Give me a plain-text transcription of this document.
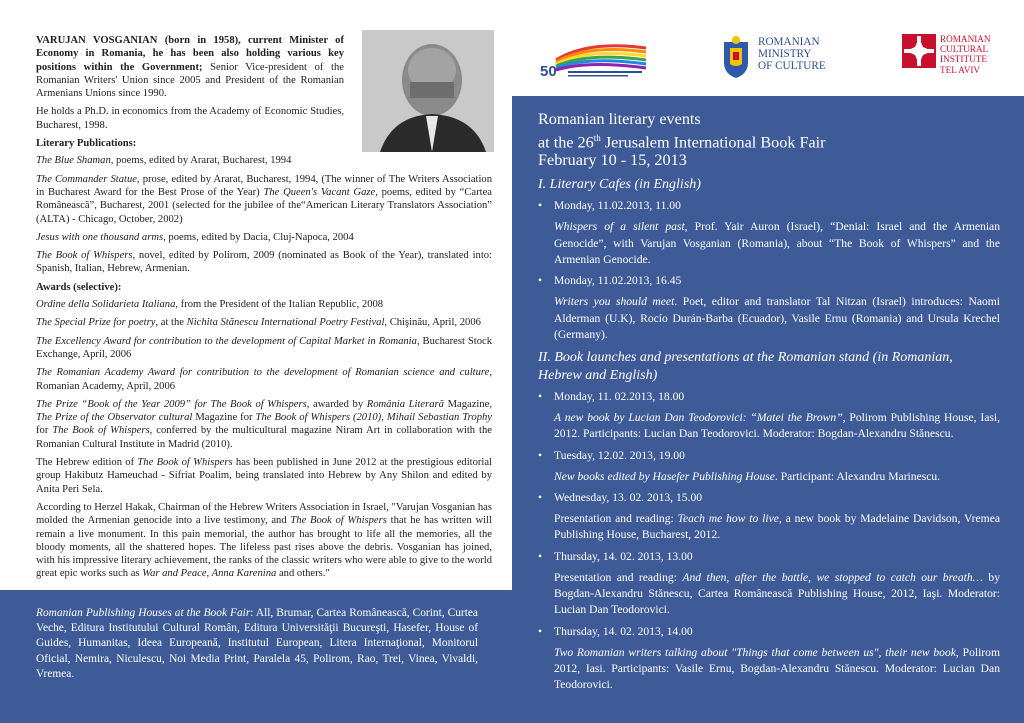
VARUJAN VOSGANIAN (born in 1958), current Minister of Economy in Romania, he has been also holding various key positions within the Government; Senior Vice-president of the Romanian Writers' Union since 2005 and President of the Romanian Armenians Unions since 1990.

He holds a Ph.D. in economics from the Academy of Economic Studies, Bucharest, 1998.

Literary Publications:

The Blue Shaman, poems, edited by Ararat, Bucharest, 1994

The Commander Statue, prose, edited by Ararat, Bucharest, 1994, (The winner of The Writers Association in Bucharest Award for the Best Prose of the Year) The Queen's Vacant Gaze, poems, edited by “Cartea Românească”, Bucharest, 2001 (selected for the jubilee of the“American Literary Translators Association” (ALTA) - Chicago, October, 2002)

Jesus with one thousand arms, poems, edited by Dacia, Cluj-Napoca, 2004

The Book of Whispers, novel, edited by Polirom, 2009 (nominated as Book of the Year), translated into: Spanish, Italian, Hebrew, Armenian.

Awards (selective):

Ordine della Solidarieta Italiana, from the President of the Italian Republic, 2008

The Special Prize for poetry, at the Nichita Stănescu International Poetry Festival, Chişinău, April, 2006

The Excellency Award for contribution to the development of Capital Market in Romania, Bucharest Stock Exchange, April, 2006

The Romanian Academy Award for contribution to the development of Romanian science and culture, Romanian Academy, April, 2006

The Prize “Book of the Year 2009” for The Book of Whispers, awarded by România Literară Magazine, The Prize of the Observator cultural Magazine for The Book of Whispers (2010), Mihail Sebastian Trophy for The Book of Whispers, conferred by the multicultural magazine Niram Art in collaboration with the Romanian Cultural Institute in Madrid (2010).

The Hebrew edition of The Book of Whispers has been published in June 2012 at the prestigious editorial group Hakibutz Hameuchad - Sifriat Poalim, being translated into Hebrew by Any Shilon and edited by Anita Peri Sela.

According to Herzel Hakak, Chairman of the Hebrew Writers Association in Israel, "Varujan Vosganian has molded the Armenian genocide into a live testimony, and The Book of Whispers that he has written will remain a live monument. In this pain memorial, the author has brought to life all the memories, all the bloody moments, all the shattered hopes. The lifeless past rises above the debris. Vosganian has joined, with his impressive literary achievement, the ranks of the classic writers who were able to give to the world great epic works such as War and Peace, Anna Karenina and others."

Romanian Publishing Houses at the Book Fair: All, Brumar, Cartea Românească, Corint, Curtea Veche, Editura Institutului Cultural Român, Editura Universităţii Bucureşti, Hasefer, House of Guides, Humanitas, Ideea Europeană, Institutul European, Litera Internaţional, Monitorul Oficial, Nemira, Niculescu, Noi Media Print, Paralela 45, Polirom, Rao, Trei, Vinea, Vivaldi, Vremea.
50
ROMANIAN
MINISTRY
OF CULTURE
ROMANIAN
CULTURAL
INSTITUTE
TEL AVIV
Romanian literary events
at the 26th Jerusalem International Book Fair
February 10 - 15, 2013
I. Literary Cafes (in English)
• Monday, 11.02.2013, 11.00
Whispers of a silent past, Prof. Yair Auron (Israel), “Denial: Israel and the Armenian Genocide”, with Varujan Vosganian (Romania), about “The Book of Whispers” and the Armenian Genocide.
• Monday, 11.02.2013, 16.45
Writers you should meet. Poet, editor and translator Tal Nitzan (Israel) introduces: Naomi Alderman (U.K), Rocío Durán-Barba (Ecuador), Vasile Ernu (Romania) and Ursula Krechel (Germany).
II. Book launches and presentations at the Romanian stand (in Romanian, Hebrew and English)
• Monday, 11. 02.2013, 18.00
A new book by Lucian Dan Teodorovici: “Matei the Brown”, Polirom Publishing House, Iasi, 2012. Participants: Lucian Dan Teodorovici. Moderator: Bogdan-Alexandru Stănescu.
• Tuesday, 12.02. 2013, 19.00
New books edited by Hasefer Publishing House. Participant: Alexandru Marinescu.
• Wednesday, 13. 02. 2013, 15.00
Presentation and reading: Teach me how to live, a new book by Madelaine Davidson, Vremea Publishing House, Bucharest, 2012.
• Thursday, 14. 02. 2013, 13.00
Presentation and reading: And then, after the battle, we stopped to catch our breath… by Bogdan-Alexandru Stănescu, Cartea Românească Publishing House, 2012, Iaşi. Moderator: Lucian Dan Teodorovici.
• Thursday, 14. 02. 2013, 14.00
Two Romanian writers talking about "Things that come between us", their new book, Polirom 2012, Iasi. Participants: Vasile Ernu, Bogdan-Alexandru Stănescu. Moderator: Lucian Dan Teodorovici.
